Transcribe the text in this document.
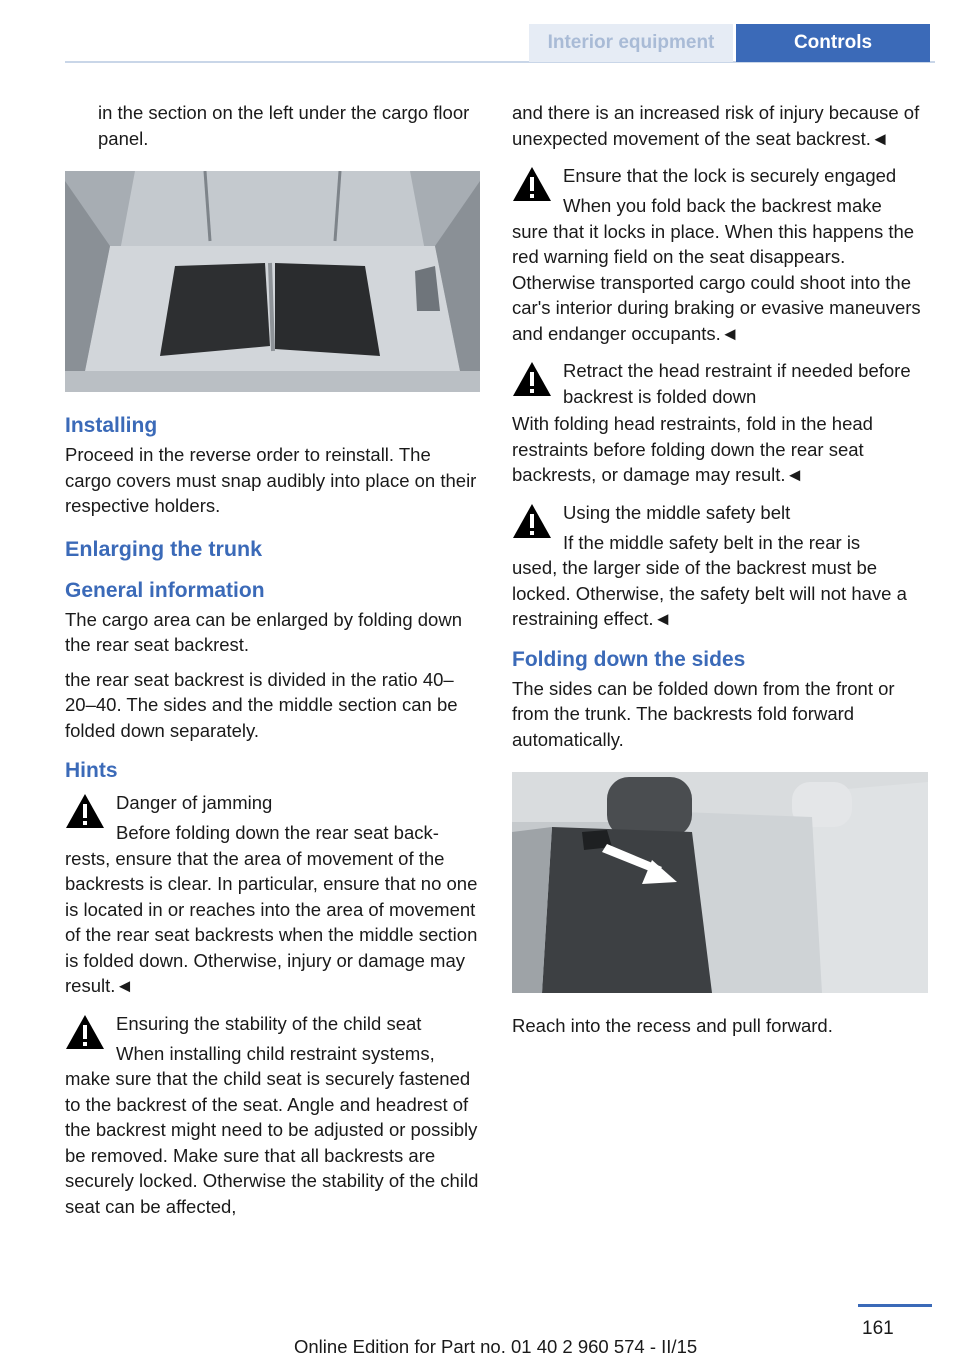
Interior equipment	Controls

in the section on the left under the cargo floor panel.

Installing

Proceed in the reverse order to reinstall. The cargo covers must snap audibly into place on their respective holders.

Enlarging the trunk
General information

The cargo area can be enlarged by folding down the rear seat backrest.

the rear seat backrest is divided in the ratio 40–20–40. The sides and the middle section can be folded down separately.

Hints
Danger of jamming

Before folding down the rear seat back-

rests, ensure that the area of movement of the backrests is clear. In particular, ensure that no one is located in or reaches into the area of movement of the rear seat backrests when the middle section is folded down. Otherwise, injury or damage may result.◄

Ensuring the stability of the child seat

When installing child restraint systems,

make sure that the child seat is securely fastened to the backrest of the seat. Angle and headrest of the backrest might need to be adjusted or possibly be removed. Make sure that all backrests are securely locked. Otherwise the stability of the child seat can be affected,

and there is an increased risk of injury because of unexpected movement of the seat backrest.◄

Ensure that the lock is securely engaged

When you fold back the backrest make

sure that it locks in place. When this happens the red warning field on the seat disappears. Otherwise transported cargo could shoot into the car's interior during braking or evasive maneuvers and endanger occupants.◄

Retract the head restraint if needed before backrest is folded down

With folding head restraints, fold in the head restraints before folding down the rear seat backrests, or damage may result.◄

Using the middle safety belt

If the middle safety belt in the rear is

used, the larger side of the backrest must be locked. Otherwise, the safety belt will not have a restraining effect.◄

Folding down the sides

The sides can be folded down from the front or from the trunk. The backrests fold forward automatically.

Reach into the recess and pull forward.

161
Online Edition for Part no. 01 40 2 960 574 - II/15
